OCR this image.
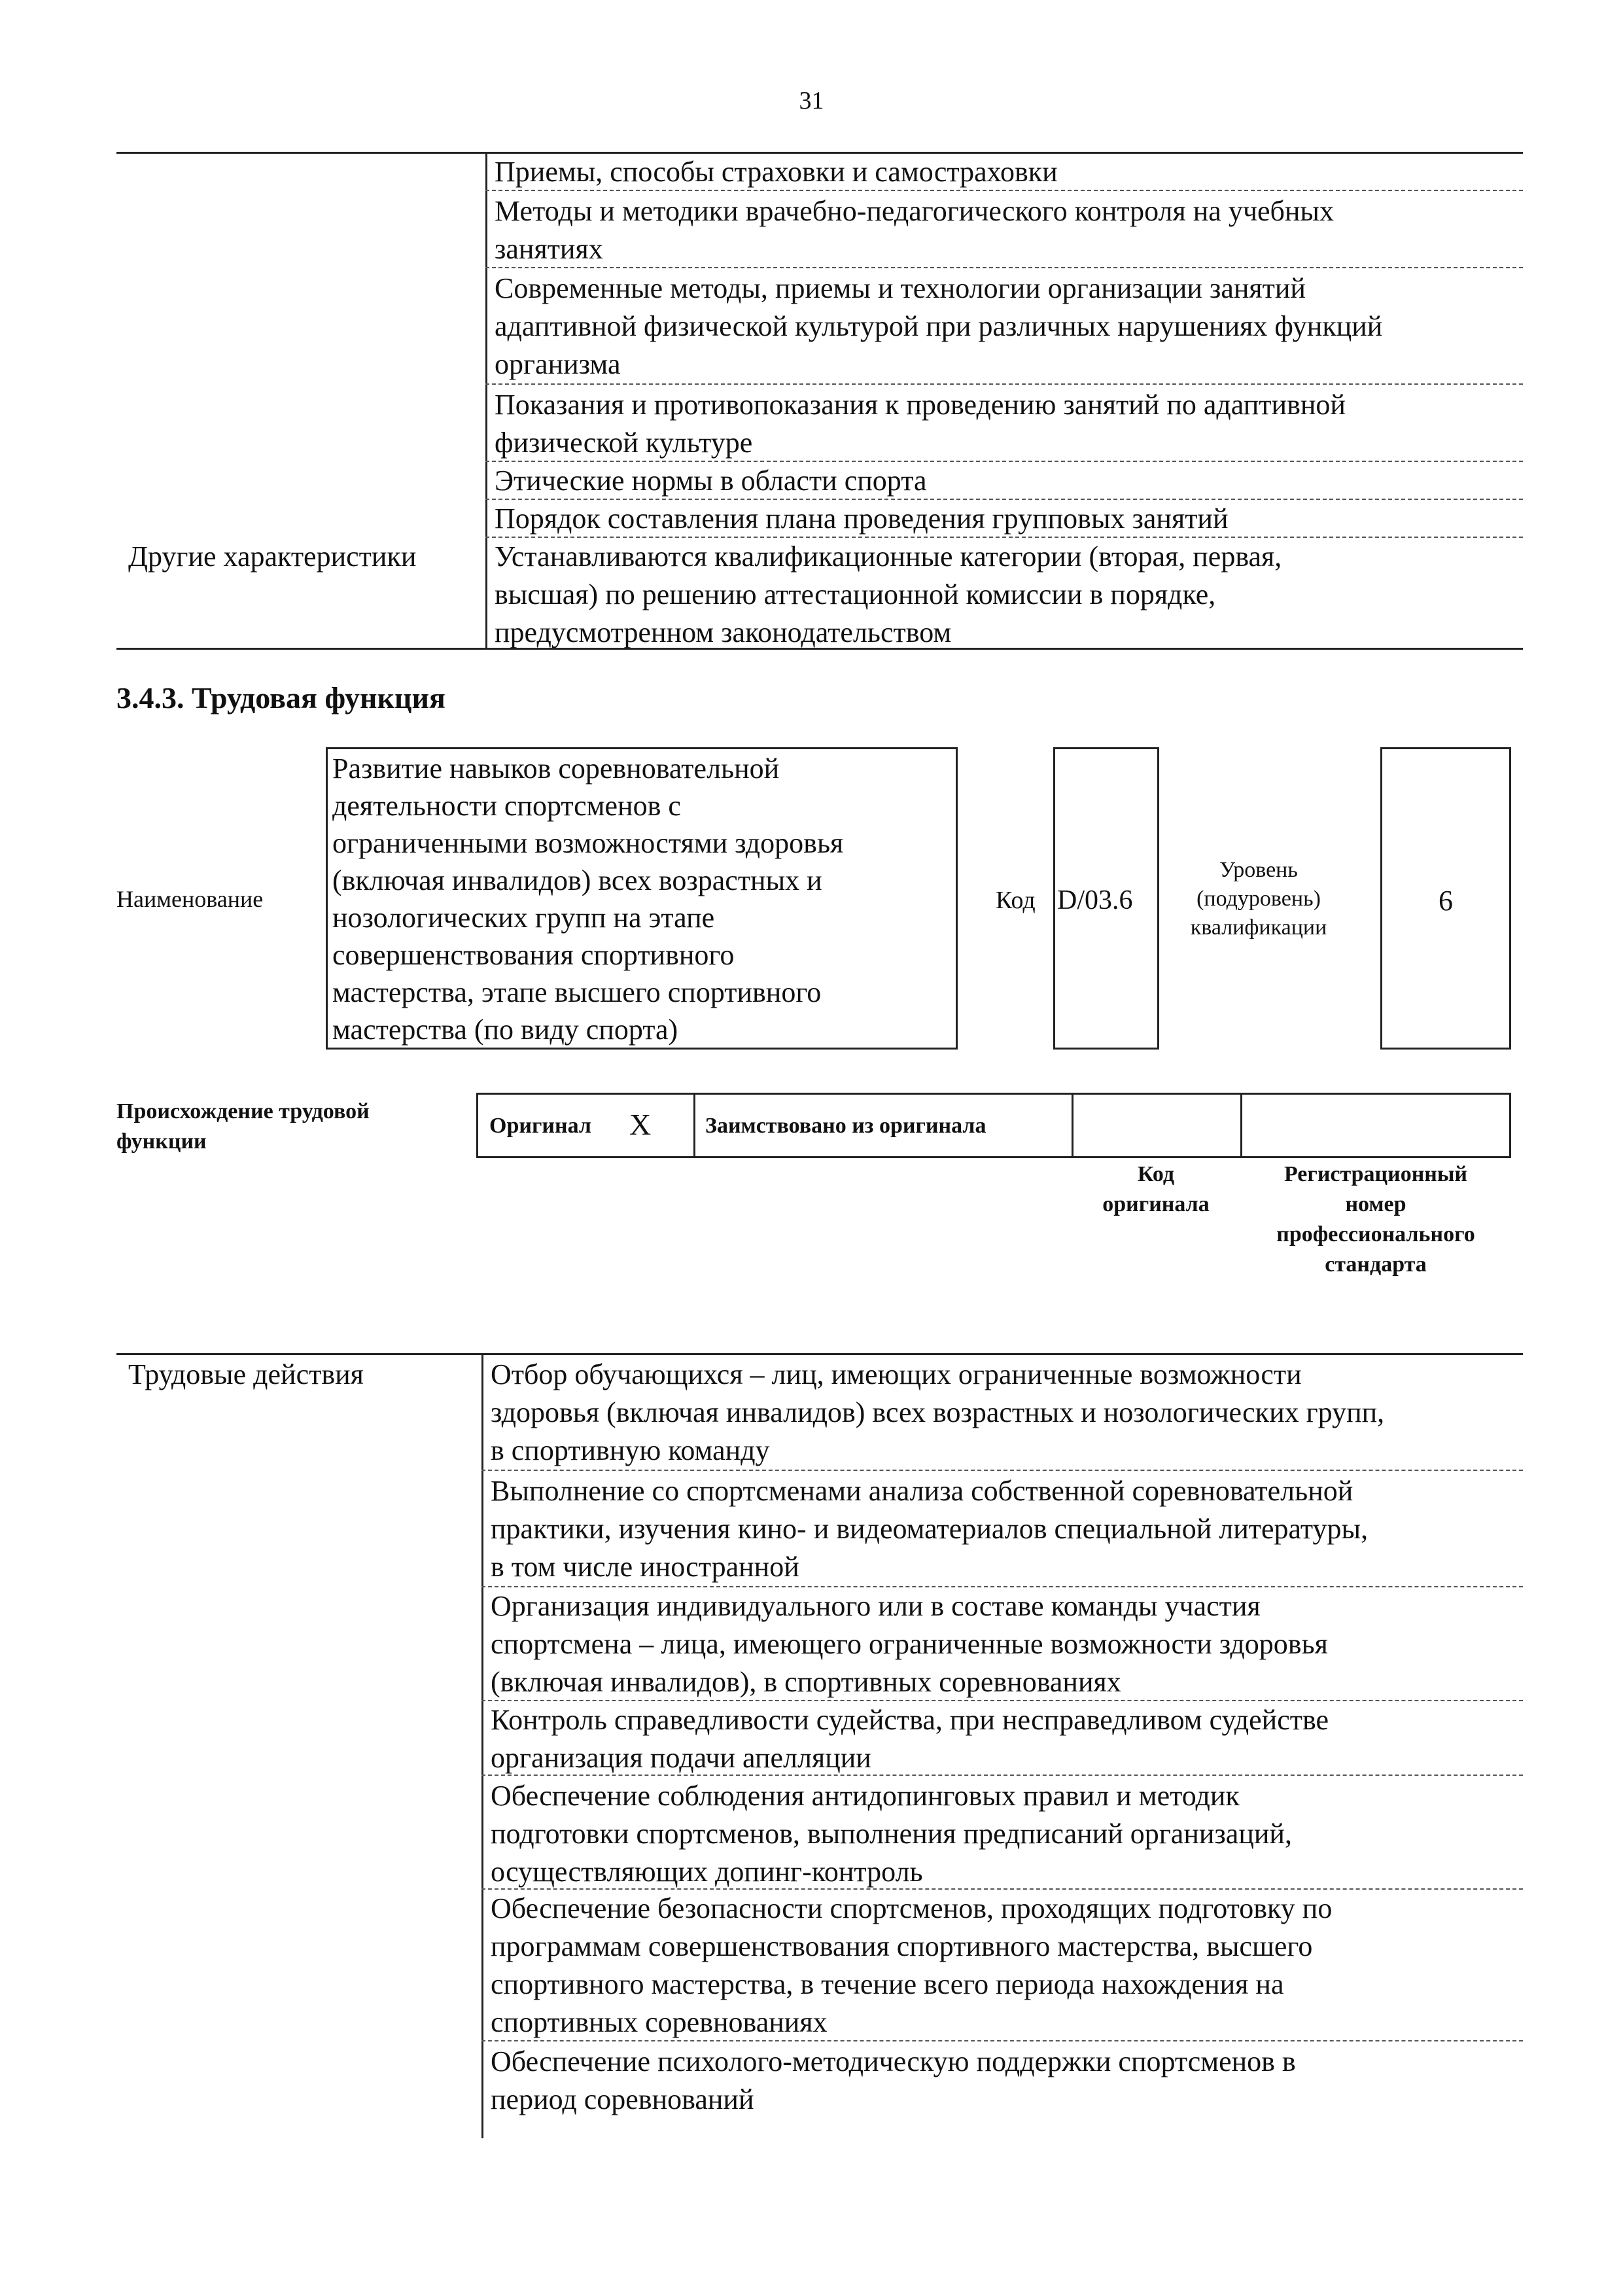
31
Приемы, способы страховки и самостраховки
Методы и методики врачебно-педагогического контроля на учебных
занятиях
Современные методы, приемы и технологии организации занятий
адаптивной физической культурой при различных нарушениях функций
организма
Показания и противопоказания к проведению занятий по адаптивной
физической культуре
Этические нормы в области спорта
Порядок составления плана проведения групповых занятий
Другие характеристики	Устанавливаются квалификационные категории (вторая, первая,
высшая) по решению аттестационной комиссии в порядке,
предусмотренном законодательством
3.4.3. Трудовая функция
Наименование
Развитие навыков соревновательной
деятельности спортсменов с
ограниченными возможностями здоровья
(включая инвалидов) всех возрастных и
нозологических групп на этапе
совершенствования спортивного
мастерства, этапе высшего спортивного
мастерства (по виду спорта)
Код D/03.6
Уровень
(подуровень)
квалификации
6
Происхождение трудовой
функции
Оригинал X Заимствовано из оригинала
Код
оригинала
Регистрационный
номер
профессионального
стандарта
Трудовые действия	Отбор обучающихся – лиц, имеющих ограниченные возможности
здоровья (включая инвалидов) всех возрастных и нозологических групп,
в спортивную команду
Выполнение со спортсменами анализа собственной соревновательной
практики, изучения кино- и видеоматериалов специальной литературы,
в том числе иностранной
Организация индивидуального или в составе команды участия
спортсмена – лица, имеющего ограниченные возможности здоровья
(включая инвалидов), в спортивных соревнованиях
Контроль справедливости судейства, при несправедливом судействе
организация подачи апелляции
Обеспечение соблюдения антидопинговых правил и методик
подготовки спортсменов, выполнения предписаний организаций,
осуществляющих допинг-контроль
Обеспечение безопасности спортсменов, проходящих подготовку по
программам совершенствования спортивного мастерства, высшего
спортивного мастерства, в течение всего периода нахождения на
спортивных соревнованиях
Обеспечение психолого-методическую поддержки спортсменов в
период соревнований
